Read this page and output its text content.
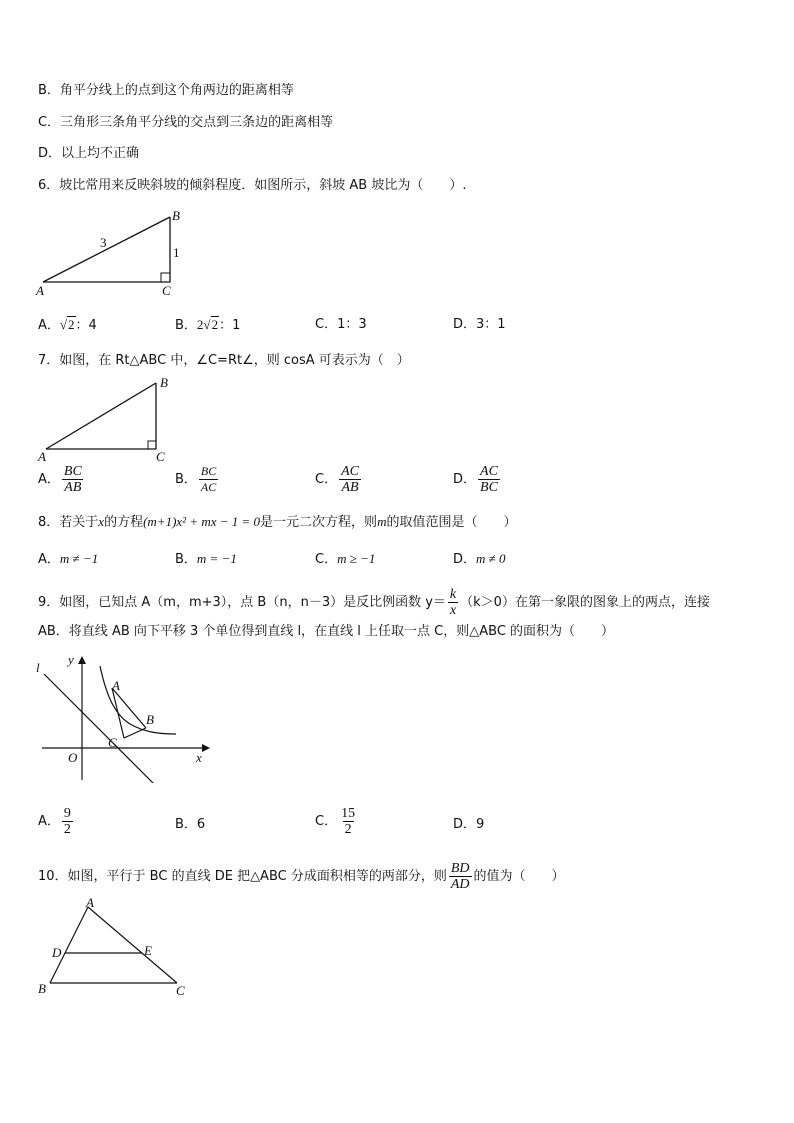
B．角平分线上的点到这个角两边的距离相等
C．三角形三条角平分线的交点到三条边的距离相等
D．以上均不正确
6．坡比常用来反映斜坡的倾斜程度．如图所示，斜坡 AB 坡比为（　　）.
A
B
C
3
1
A．√2：4	B．2√2：1	C．1：3	D．3：1
7．如图，在 Rt△ABC 中，∠C=Rt∠，则 cosA 可表示为（　）
A
B
C
A． $\frac{BC}{AB}$	B． $\frac{BC}{AC}$	C． $\frac{AC}{AB}$	D． $\frac{AC}{BC}$
8．若关于x的方程(m+1)x² + mx − 1 = 0是一元二次方程，则m的取值范围是（　　）
A．m ≠ −1	B．m = −1	C．m ≥ −1	D．m ≠ 0
9．如图，已知点 A（m，m+3），点 B（n，n－3）是反比例函数 $y= \frac{k}{x} (k>0)$在第一象限的图象上的两点，连接
AB．将直线 AB 向下平移 3 个单位得到直线 l，在直线 l 上任取一点 C，则△ABC 的面积为（　　）
l
y
x
O
A
B
C
A． $\frac{9}{2}$	B．6	C． $\frac{15}{2}$	D．9
10．如图，平行于 BC 的直线 DE 把△ABC 分成面积相等的两部分，则 $\frac{BD}{AD}$ 的值为（　　）
A
B	C
D	E
